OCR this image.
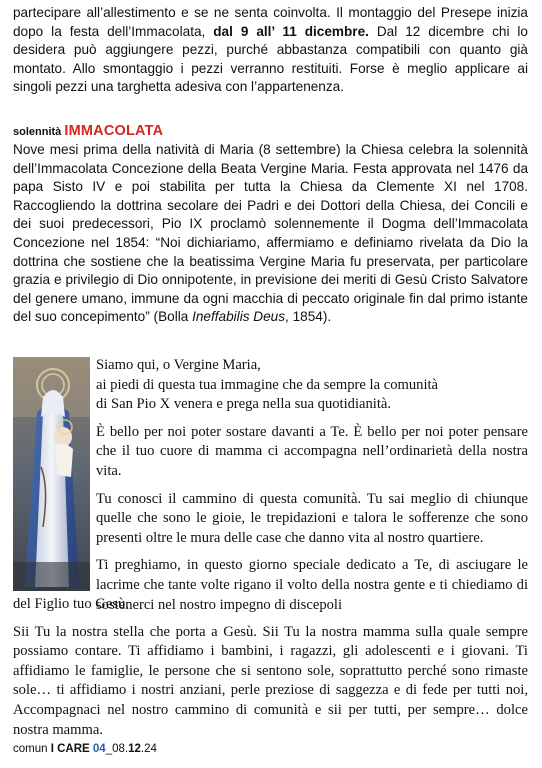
partecipare all’allestimento e se ne senta coinvolta. Il montaggio del Presepe inizia dopo la festa dell’Immacolata, dal 9 all’ 11 dicembre. Dal 12 dicembre chi lo desidera può aggiungere pezzi, purché abbastanza compatibili con quanto già montato. Allo smontaggio i pezzi verranno restituiti. Forse è meglio applicare ai singoli pezzi una targhetta adesiva con l’appartenenza.

solennità IMMACOLATA

Nove mesi prima della natività di Maria (8 settembre) la Chiesa celebra la solennità dell’Immacolata Concezione della Beata Vergine Maria. Festa approvata nel 1476 da papa Sisto IV e poi stabilita per tutta la Chiesa da Clemente XI nel 1708. Raccogliendo la dottrina secolare dei Padri e dei Dottori della Chiesa, dei Concili e dei suoi predecessori, Pio IX proclamò solennemente il Dogma dell’Immacolata Concezione nel 1854: “Noi dichiariamo, affermiamo e definiamo rivelata da Dio la dottrina che sostiene che la beatissima Vergine Maria fu preservata, per particolare grazia e privilegio di Dio onnipotente, in previsione dei meriti di Gesù Cristo Salvatore del genere umano, immune da ogni macchia di peccato originale fin dal primo istante del suo concepimento” (Bolla Ineffabilis Deus, 1854).

Siamo qui, o Vergine Maria,
ai piedi di questa tua immagine che da sempre la comunità
di San Pio X venera e prega nella sua quotidianità.

È bello per noi poter sostare davanti a Te. È bello per noi poter pensare che il tuo cuore di mamma ci accompagna nell’ordinarietà della nostra vita.

Tu conosci il cammino di questa comunità. Tu sai meglio di chiunque quelle che sono le gioie, le trepidazioni e talora le sofferenze che sono presenti oltre le mura delle case che danno vita al nostro quartiere.

Ti preghiamo, in questo giorno speciale dedicato a Te, di asciugare le lacrime che tante volte rigano il volto della nostra gente e ti chiediamo di sostenerci nel nostro impegno di discepoli

del Figlio tuo Gesù.

Sii Tu la nostra stella che porta a Gesù. Sii Tu la nostra mamma sulla quale sempre possiamo contare. Ti affidiamo i bambini, i ragazzi, gli adolescenti e i giovani. Ti affidiamo le famiglie, le persone che si sentono sole, soprattutto perché sono rimaste sole… ti affidiamo i nostri anziani, perle preziose di saggezza e di fede per tutti noi, Accompagnaci nel nostro cammino di comunità e sii per tutti, per sempre… dolce nostra mamma.

comun I CARE 04_08.12.24
